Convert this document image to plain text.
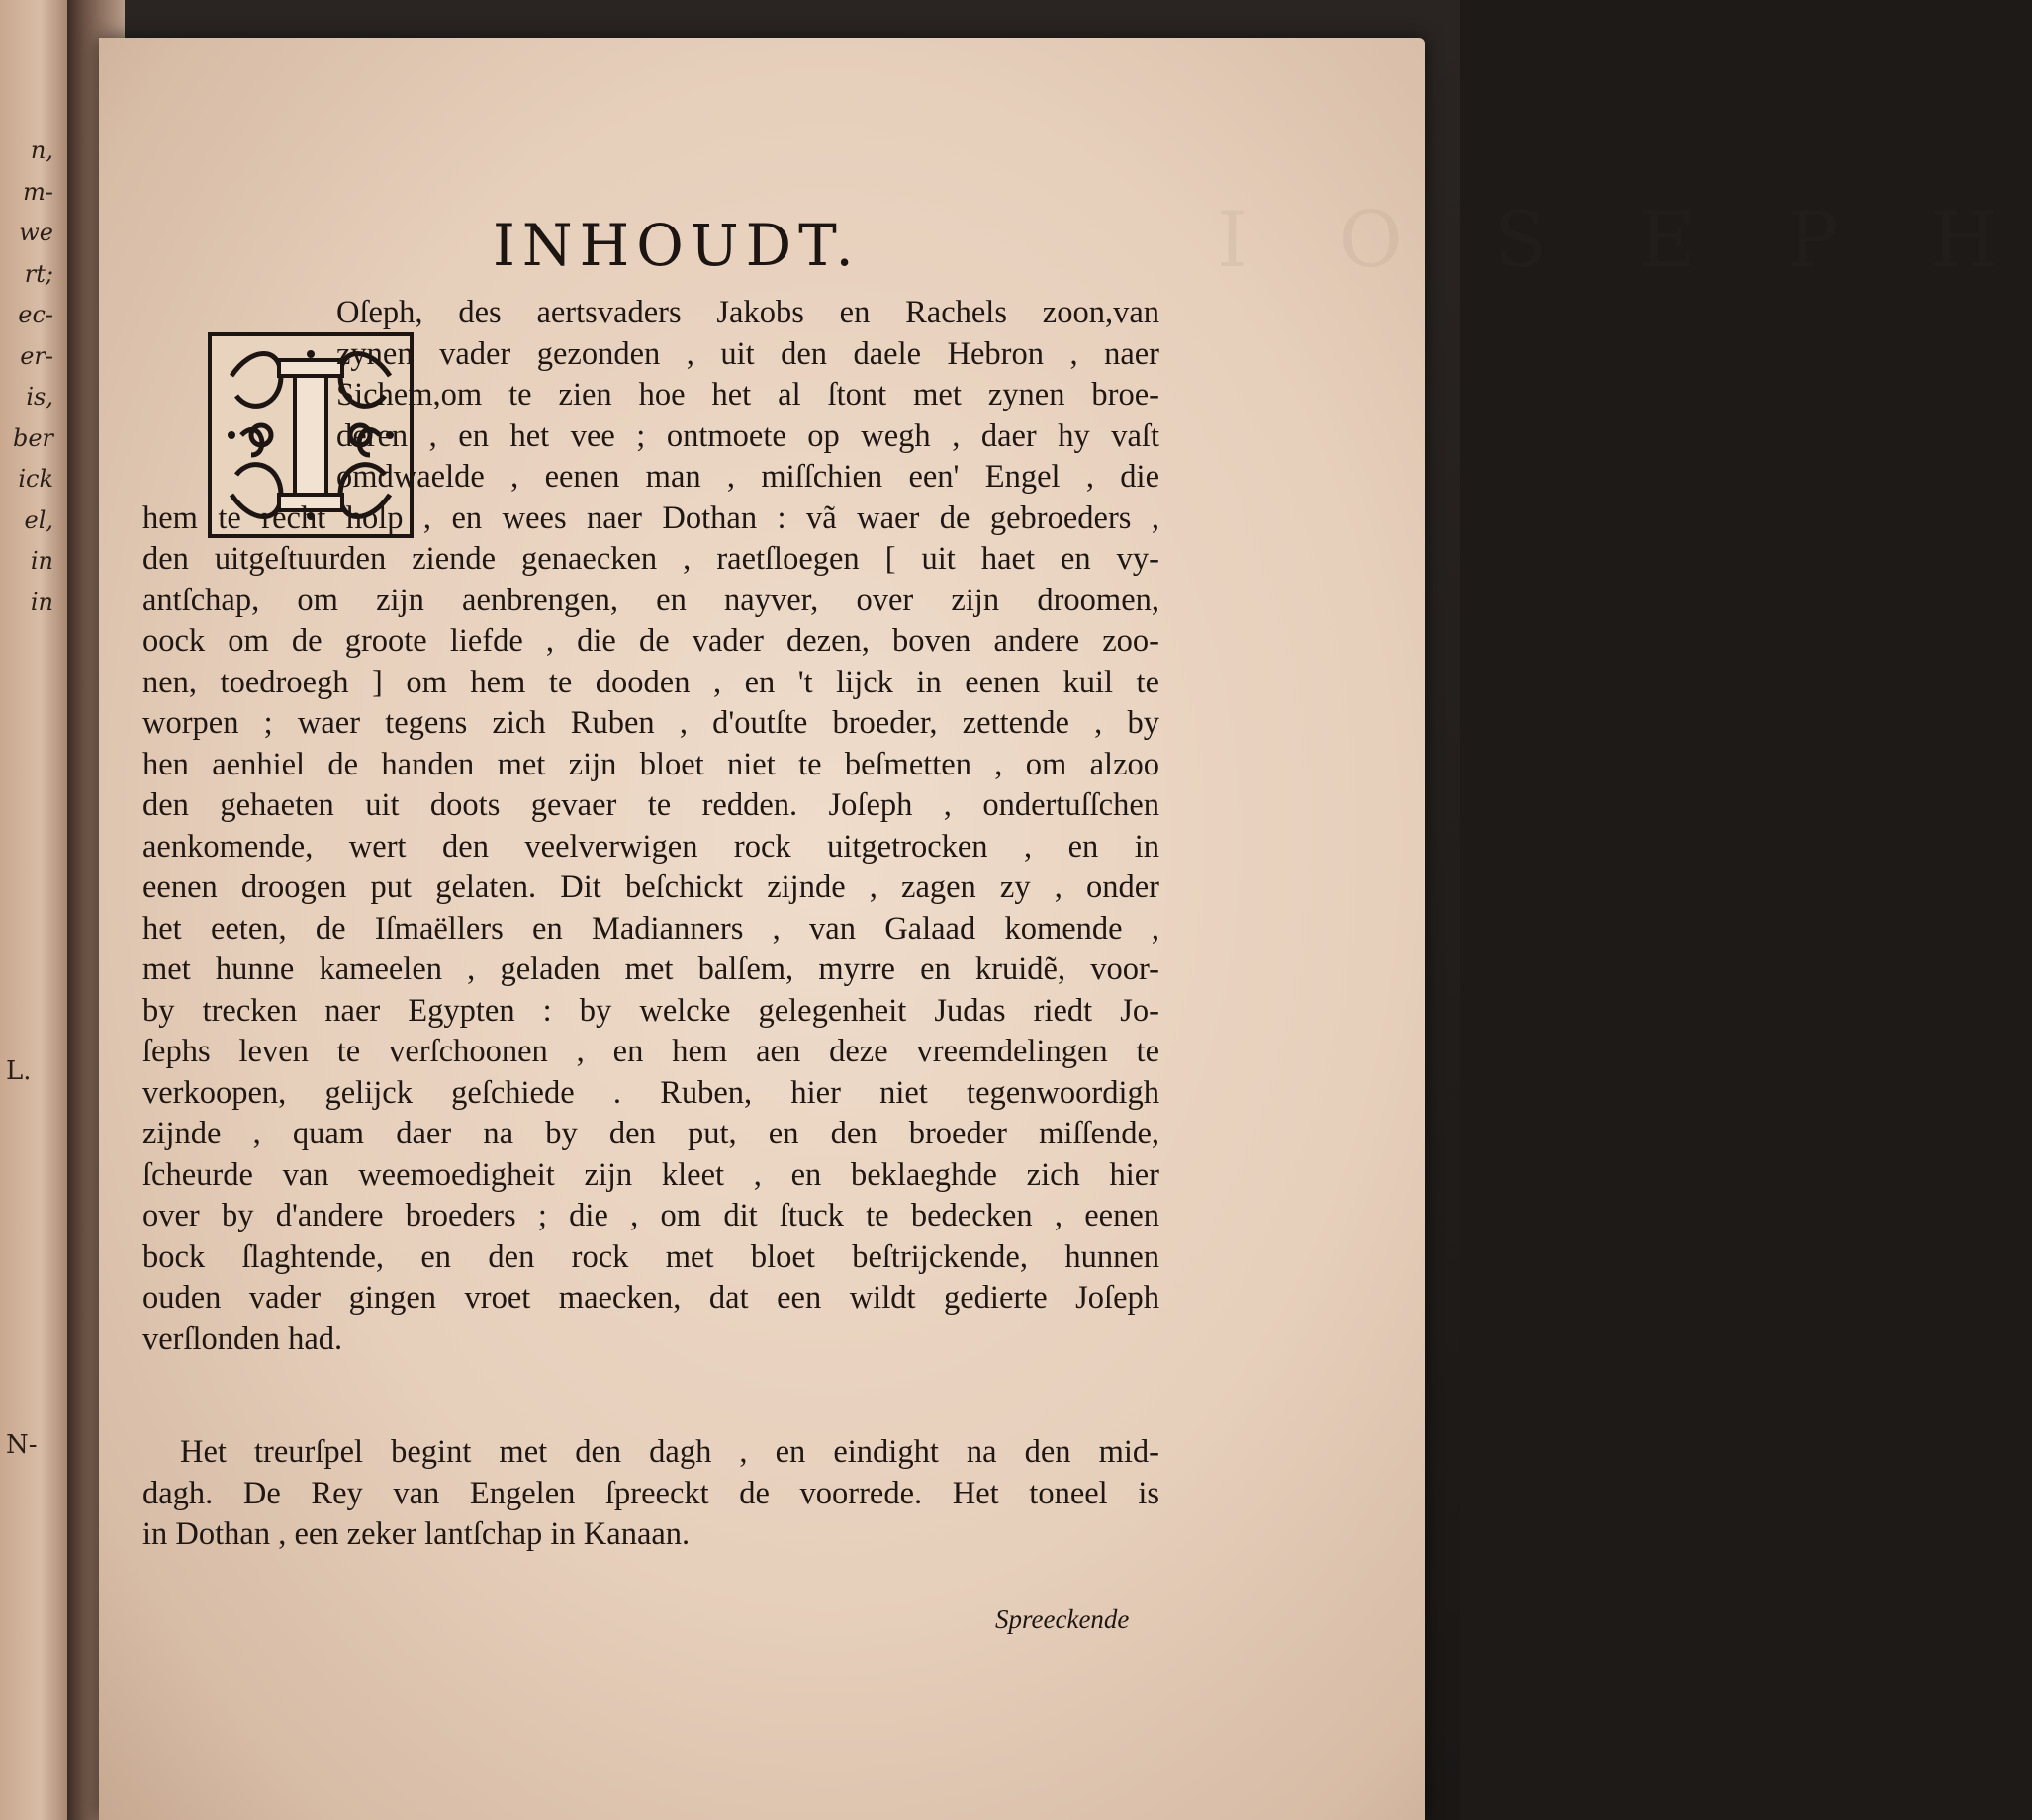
n,
m-
we
rt;
ec-
er-
is,
ber
ick
el,
in
in
L.
N-
I O S E P H
INHOUDT.
Oſeph, des aertsvaders Jakobs en Rachels zoon,van
zynen vader gezonden , uit den daele Hebron , naer
Sichem,om te zien hoe het al ſtont met zynen broe-
deren , en het vee ; ontmoete op wegh , daer hy vaſt
omdwaelde , eenen man , miſſchien een' Engel , die
hem te recht holp , en wees naer Dothan : vã waer de gebroeders ,
den uitgeſtuurden ziende genaecken , raetſloegen [ uit haet en vy-
antſchap, om zijn aenbrengen, en nayver, over zijn droomen,
oock om de groote liefde , die de vader dezen, boven andere zoo-
nen, toedroegh ] om hem te dooden , en 't lijck in eenen kuil te
worpen ; waer tegens zich Ruben , d'outſte broeder, zettende , by
hen aenhiel de handen met zijn bloet niet te beſmetten , om alzoo
den gehaeten uit doots gevaer te redden. Joſeph , ondertuſſchen
aenkomende, wert den veelverwigen rock uitgetrocken , en in
eenen droogen put gelaten. Dit beſchickt zijnde , zagen zy , onder
het eeten, de Iſmaëllers en Madianners , van Galaad komende ,
met hunne kameelen , geladen met balſem, myrre en kruidẽ, voor-
by trecken naer Egypten : by welcke gelegenheit Judas riedt Jo-
ſephs leven te verſchoonen , en hem aen deze vreemdelingen te
verkoopen, gelijck geſchiede . Ruben, hier niet tegenwoordigh
zijnde , quam daer na by den put, en den broeder miſſende,
ſcheurde van weemoedigheit zijn kleet , en beklaeghde zich hier
over by d'andere broeders ; die , om dit ſtuck te bedecken , eenen
bock ſlaghtende, en den rock met bloet beſtrijckende, hunnen
ouden vader gingen vroet maecken, dat een wildt gedierte Joſeph
verſlonden had.
Het treurſpel begint met den dagh , en eindight na den mid-
dagh. De Rey van Engelen ſpreeckt de voorrede. Het toneel is
in Dothan , een zeker lantſchap in Kanaan.
Spreeckende
